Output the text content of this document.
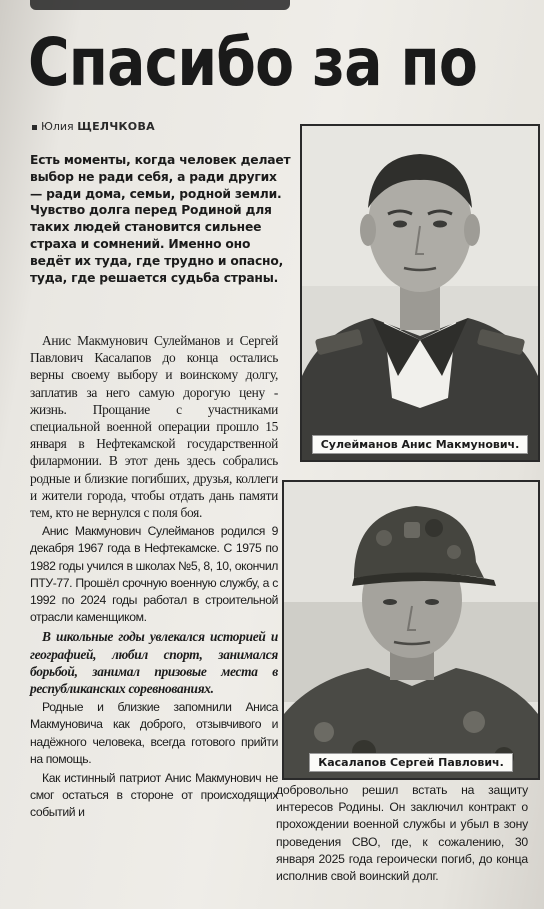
Спасибо за по
Юлия ЩЕЛЧКОВА

Есть моменты, когда человек делает выбор не ради себя, а ради других — ради дома, семьи, родной земли. Чувство долга перед Родиной для таких людей становится сильнее страха и сомнений. Именно оно ведёт их туда, где трудно и опасно, туда, где решается судьба страны.

Анис Макмунович Сулейманов и Сергей Павлович Касалапов до конца остались верны своему выбору и воинскому долгу, заплатив за него самую дорогую цену - жизнь. Прощание с участниками специальной военной операции прошло 15 января в Нефтекамской государственной филармонии. В этот день здесь собрались родные и близкие погибших, друзья, коллеги и жители города, чтобы отдать дань памяти тем, кто не вернулся с поля боя.

Анис Макмунович Сулейманов родился 9 декабря 1967 года в Нефтекамске. С 1975 по 1982 годы учился в школах №5, 8, 10, окончил ПТУ-77. Прошёл срочную военную службу, а с 1992 по 2024 годы работал в строительной отрасли каменщиком.

В школьные годы увлекался историей и географией, любил спорт, занимался борьбой, занимал призовые места в республиканских соревнованиях.

Родные и близкие запомнили Аниса Макмуновича как доброго, отзывчивого и надёжного человека, всегда готового прийти на помощь.

Как истинный патриот Анис Макмунович не смог остаться в стороне от происходящих событий и

добровольно решил встать на защиту интересов Родины. Он заключил контракт о прохождении военной службы и убыл в зону проведения СВО, где, к сожалению, 30 января 2025 года героически погиб, до конца исполнив свой воинский долг.
Сулейманов Анис Макмунович.
Касалапов Сергей Павлович.
